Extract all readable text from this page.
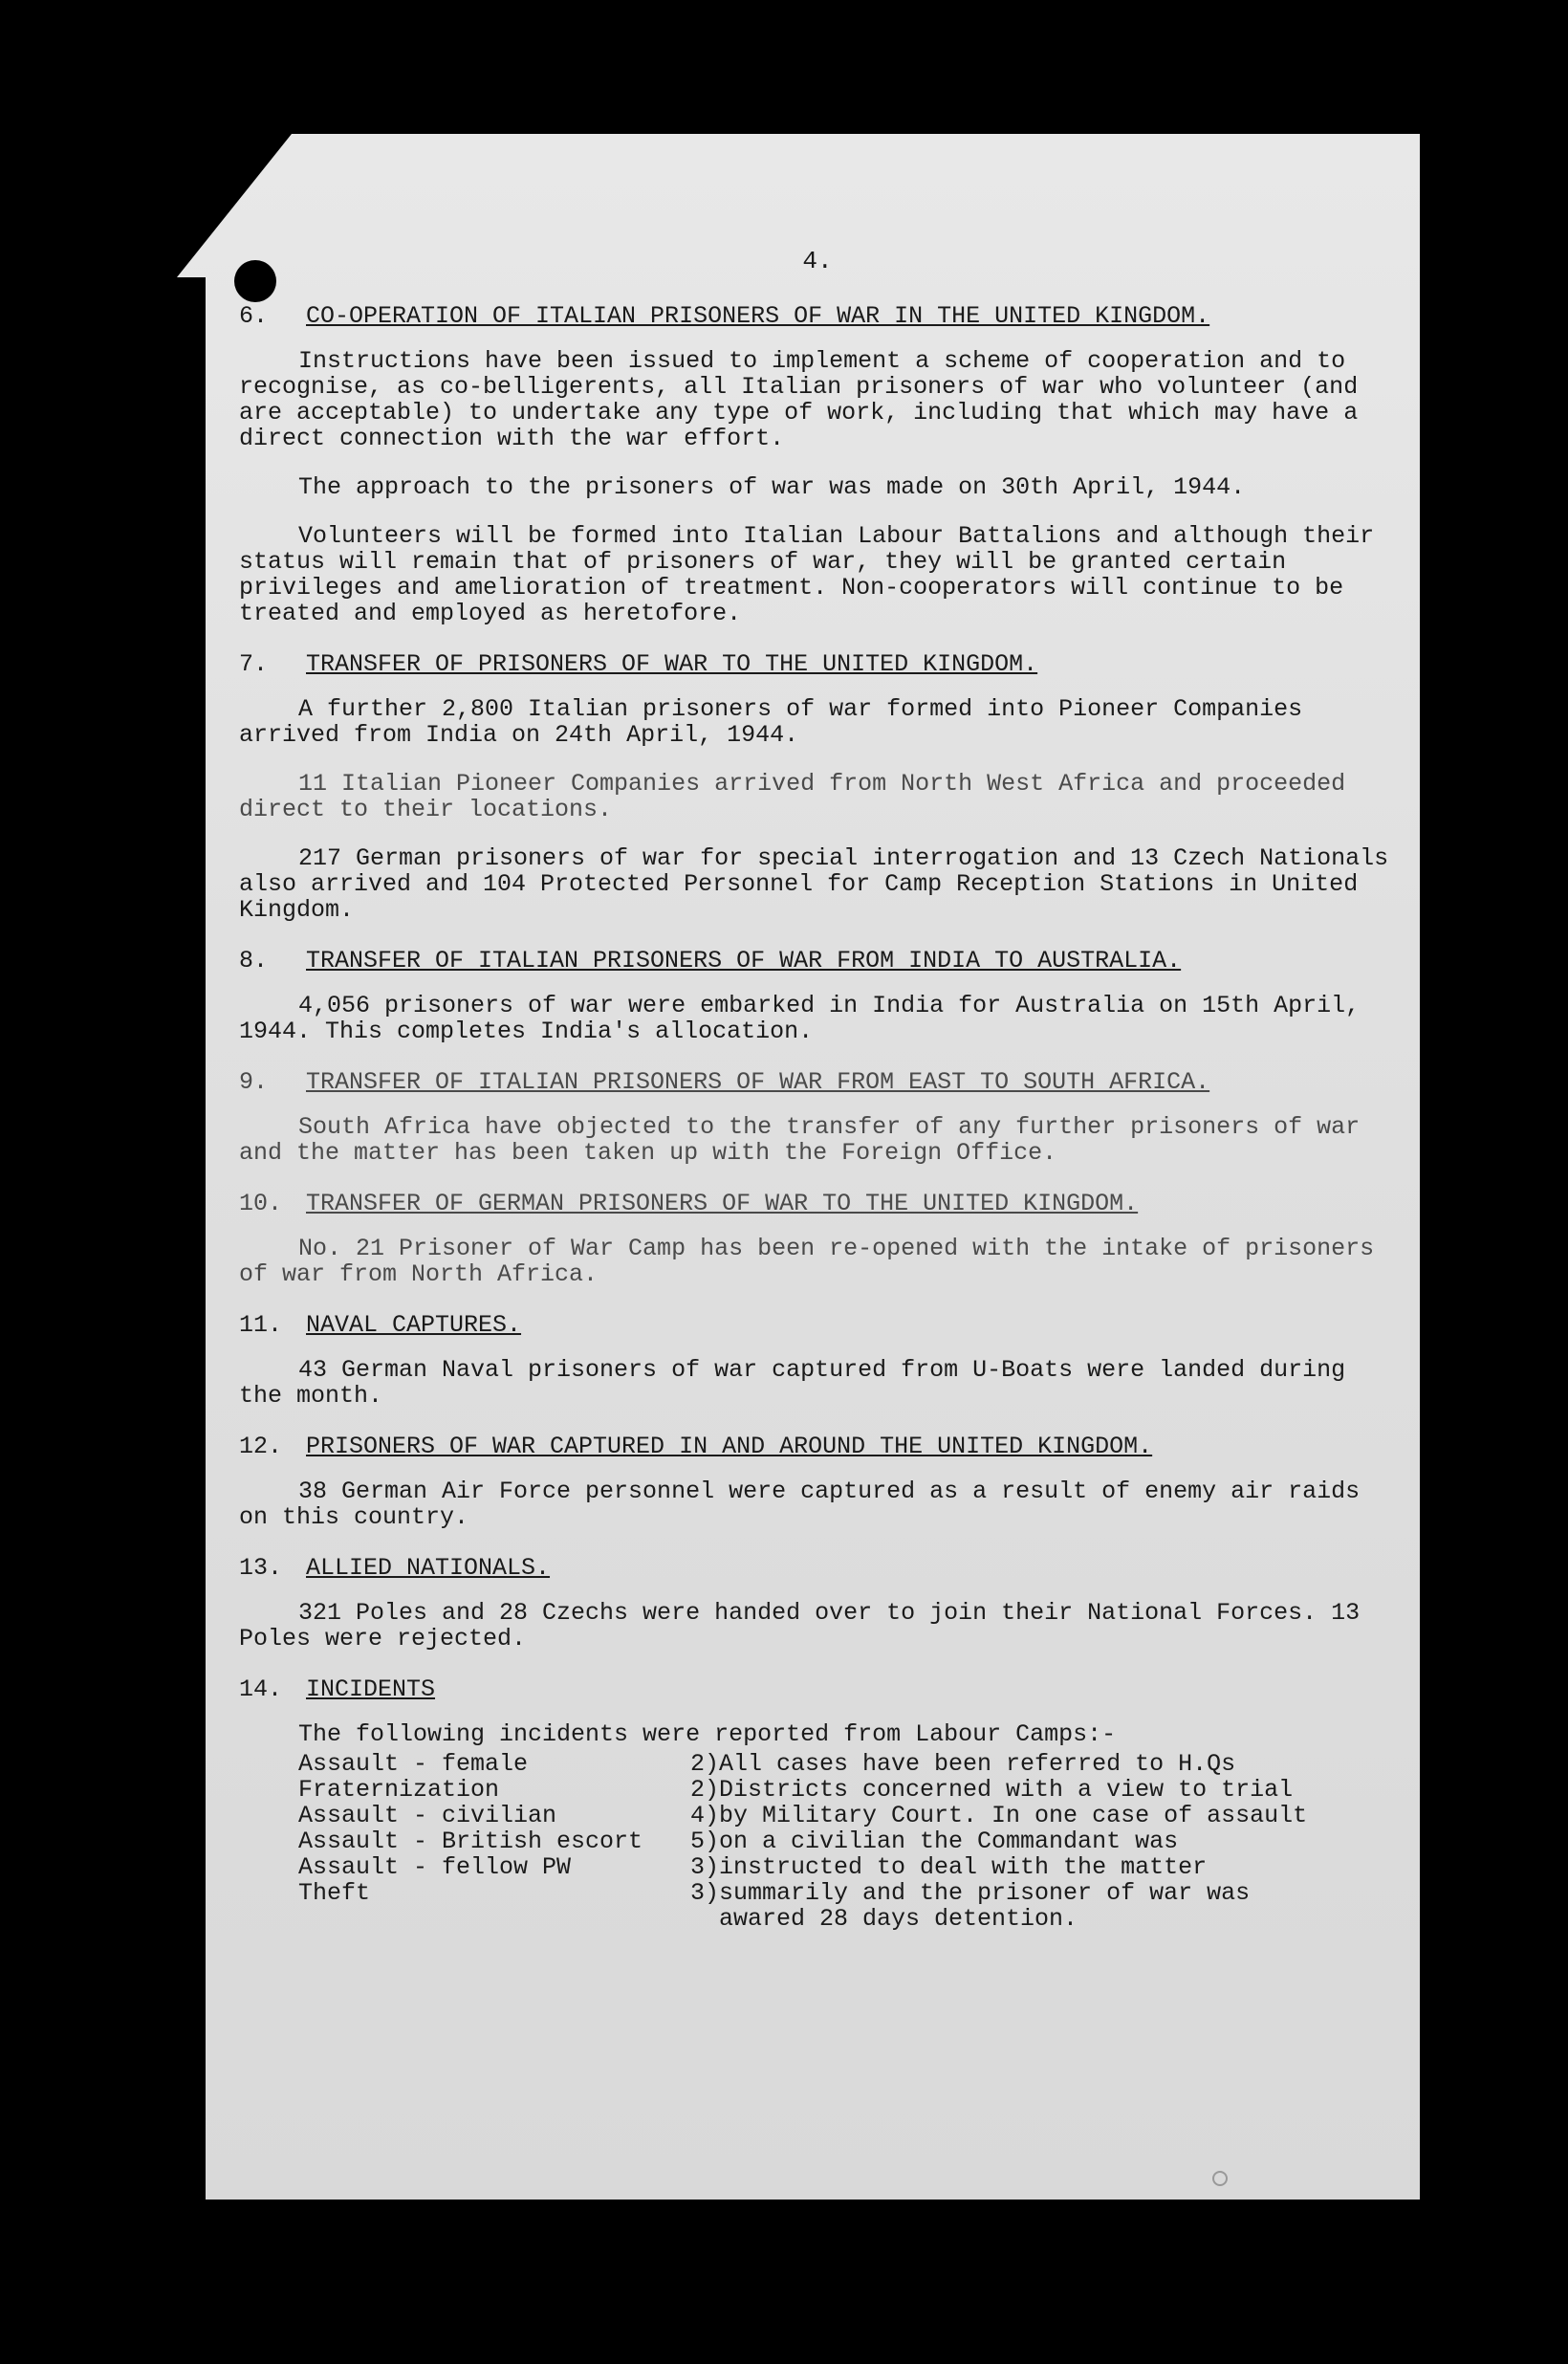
4.
6.	CO-OPERATION OF ITALIAN PRISONERS OF WAR IN THE UNITED KINGDOM.

Instructions have been issued to implement a scheme of cooperation and to recognise, as co-belligerents, all Italian prisoners of war who volunteer (and are acceptable) to undertake any type of work, including that which may have a direct connection with the war effort.

The approach to the prisoners of war was made on 30th April, 1944.

Volunteers will be formed into Italian Labour Battalions and although their status will remain that of prisoners of war, they will be granted certain privileges and amelioration of treatment. Non-cooperators will continue to be treated and employed as heretofore.

7.	TRANSFER OF PRISONERS OF WAR TO THE UNITED KINGDOM.

A further 2,800 Italian prisoners of war formed into Pioneer Companies arrived from India on 24th April, 1944.

11 Italian Pioneer Companies arrived from North West Africa and proceeded direct to their locations.

217 German prisoners of war for special interrogation and 13 Czech Nationals also arrived and 104 Protected Personnel for Camp Reception Stations in United Kingdom.

8.	TRANSFER OF ITALIAN PRISONERS OF WAR FROM INDIA TO AUSTRALIA.

4,056 prisoners of war were embarked in India for Australia on 15th April, 1944. This completes India's allocation.

9.	TRANSFER OF ITALIAN PRISONERS OF WAR FROM EAST TO SOUTH AFRICA.

South Africa have objected to the transfer of any further prisoners of war and the matter has been taken up with the Foreign Office.

10. TRANSFER OF GERMAN PRISONERS OF WAR TO THE UNITED KINGDOM.

No. 21 Prisoner of War Camp has been re-opened with the intake of prisoners of war from North Africa.

11. NAVAL CAPTURES.

43 German Naval prisoners of war captured from U-Boats were landed during the month.

12. PRISONERS OF WAR CAPTURED IN AND AROUND THE UNITED KINGDOM.

38 German Air Force personnel were captured as a result of enemy air raids on this country.

13. ALLIED NATIONALS.

321 Poles and 28 Czechs were handed over to join their National Forces. 13 Poles were rejected.

14. INCIDENTS

The following incidents were reported from Labour Camps:-

Assault - female	2)
Fraternization	2)
Assault - civilian	4)
Assault - British escort	5)
Assault - fellow PW	3)
Theft	3)
All cases have been referred to H.Qs Districts concerned with a view to trial by Military Court. In one case of assault on a civilian the Commandant was instructed to deal with the matter summarily and the prisoner of war was awared 28 days detention.
